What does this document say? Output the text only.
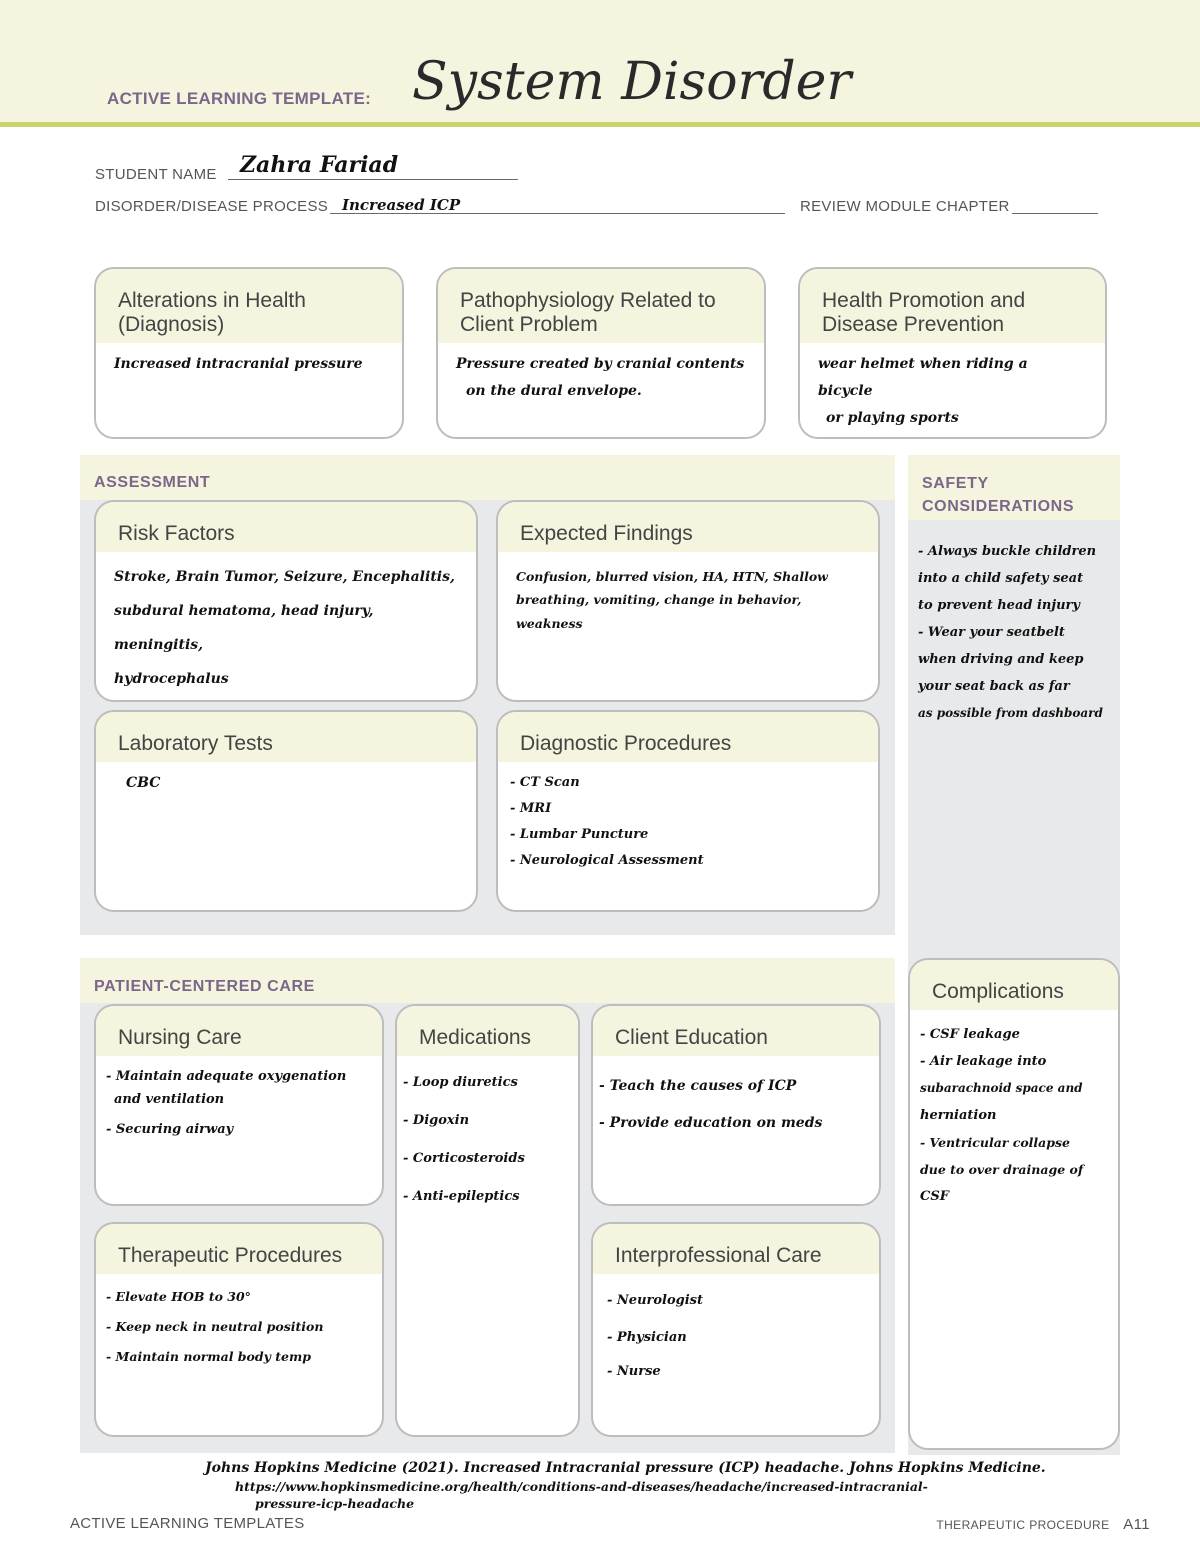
ACTIVE LEARNING TEMPLATE: System Disorder
STUDENT NAME Zahra Fariad
DISORDER/DISEASE PROCESS Increased ICP	REVIEW MODULE CHAPTER
Alterations in Health (Diagnosis)
Increased intracranial pressure
Pathophysiology Related to Client Problem
Pressure created by cranial contents
on the dural envelope.
Health Promotion and Disease Prevention
wear helmet when riding a bicycle
or playing sports
ASSESSMENT
Risk Factors
Stroke, Brain Tumor, Seizure, Encephalitis,
subdural hematoma, head injury, meningitis,
hydrocephalus
Expected Findings
Confusion, blurred vision, HA, HTN, Shallow
breathing, vomiting, change in behavior, weakness
Laboratory Tests
CBC
Diagnostic Procedures
- CT Scan
- MRI
- Lumbar Puncture
- Neurological Assessment
SAFETY CONSIDERATIONS
- Always buckle children
into a child safety seat
to prevent head injury
- Wear your seatbelt
when driving and keep
your seat back as far
as possible from dashboard
PATIENT-CENTERED CARE
Nursing Care
- Maintain adequate oxygenation
and ventilation
- Securing airway
Medications
- Loop diuretics
- Digoxin
- Corticosteroids
- Anti-epileptics
Client Education
- Teach the causes of ICP
- Provide education on meds
Therapeutic Procedures
- Elevate HOB to 30°
- Keep neck in neutral position
- Maintain normal body temp
Interprofessional Care
- Neurologist
- Physician
- Nurse
Complications
- CSF leakage
- Air leakage into
subarachnoid space and
herniation
- Ventricular collapse
due to over drainage of
CSF
Johns Hopkins Medicine (2021). Increased Intracranial pressure (ICP) headache. Johns Hopkins Medicine.
https://www.hopkinsmedicine.org/health/conditions-and-diseases/headache/increased-intracranial-
pressure-icp-headache
ACTIVE LEARNING TEMPLATES	THERAPEUTIC PROCEDURE A11
